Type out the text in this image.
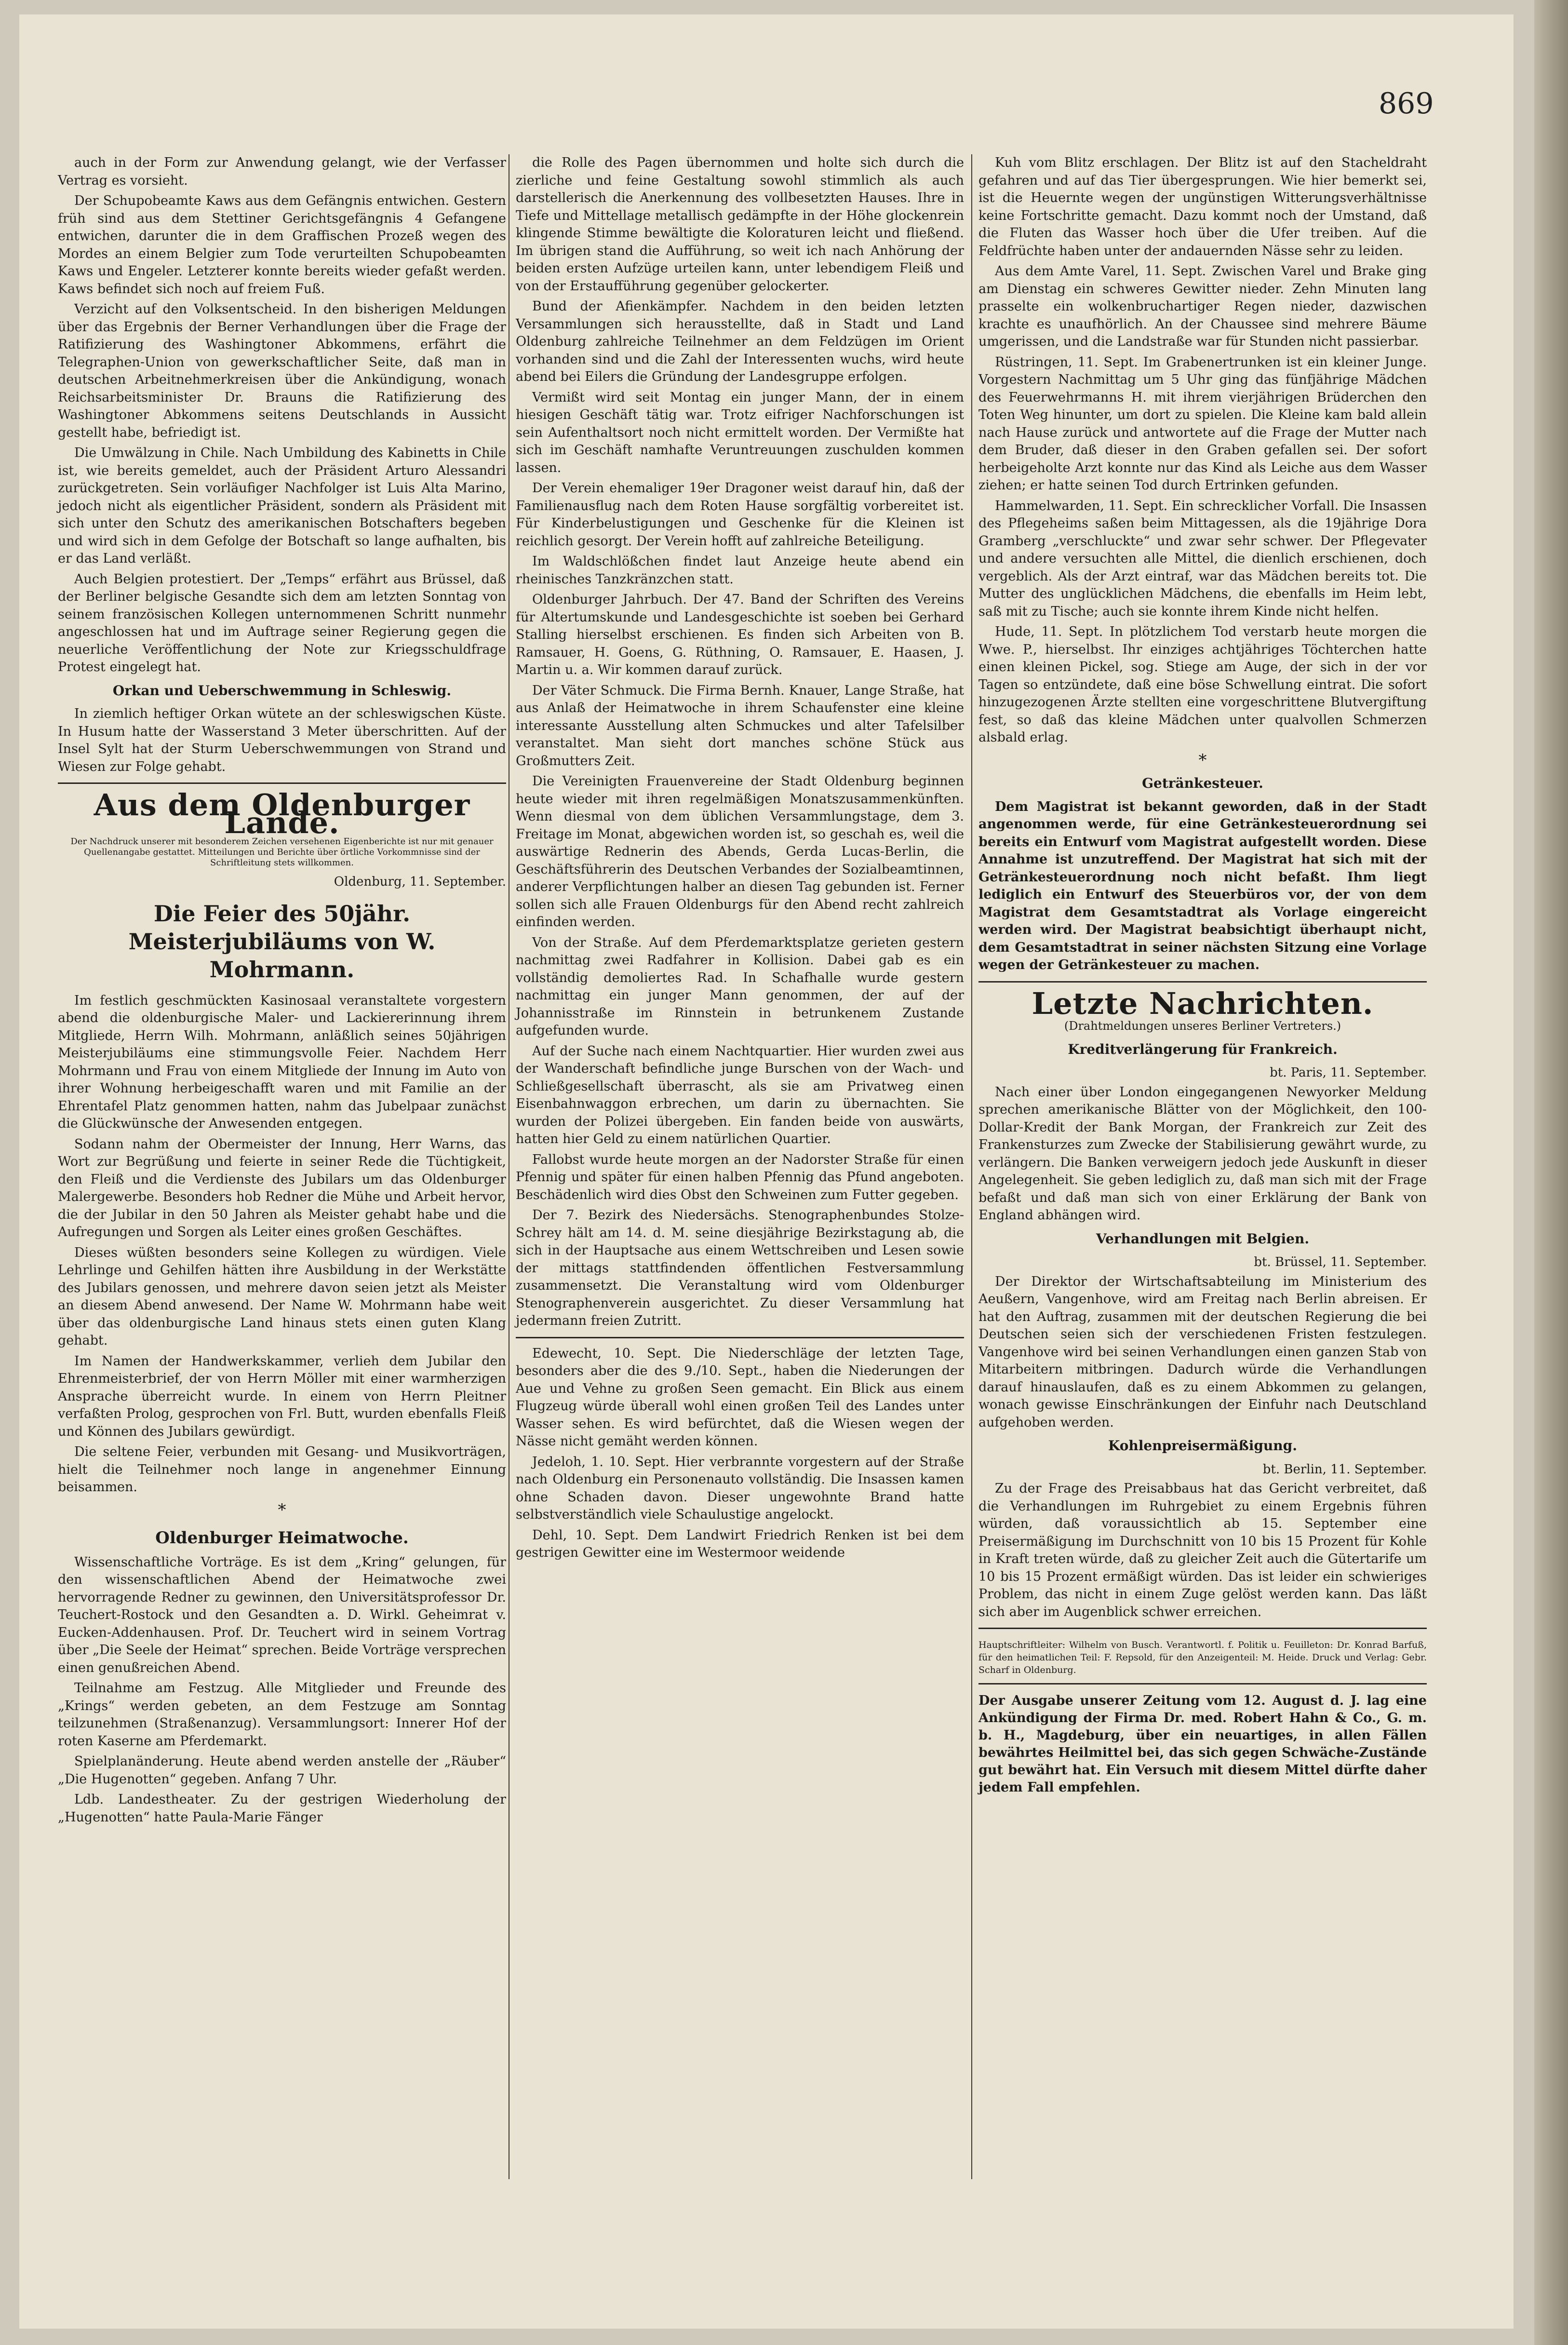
869

auch in der Form zur Anwendung gelangt, wie der Verfasser Vertrag es vorsieht.

Der Schupobeamte Kaws aus dem Gefängnis entwichen. Gestern früh sind aus dem Stettiner Gerichtsgefängnis 4 Gefangene entwichen, darunter die in dem Graffischen Prozeß wegen des Mordes an einem Belgier zum Tode verurteilten Schupobeamten Kaws und Engeler. Letzterer konnte bereits wieder gefaßt werden. Kaws befindet sich noch auf freiem Fuß.

Verzicht auf den Volksentscheid. In den bisherigen Meldungen über das Ergebnis der Berner Verhandlungen über die Frage der Ratifizierung des Washingtoner Abkommens, erfährt die Telegraphen-Union von gewerkschaftlicher Seite, daß man in deutschen Arbeitnehmerkreisen über die Ankündigung, wonach Reichsarbeitsminister Dr. Brauns die Ratifizierung des Washingtoner Abkommens seitens Deutschlands in Aussicht gestellt habe, befriedigt ist.

Die Umwälzung in Chile. Nach Umbildung des Kabinetts in Chile ist, wie bereits gemeldet, auch der Präsident Arturo Alessandri zurückgetreten. Sein vorläufiger Nachfolger ist Luis Alta Marino, jedoch nicht als eigentlicher Präsident, sondern als Präsident mit sich unter den Schutz des amerikanischen Botschafters begeben und wird sich in dem Gefolge der Botschaft so lange aufhalten, bis er das Land verläßt.

Auch Belgien protestiert. Der „Temps“ erfährt aus Brüssel, daß der Berliner belgische Gesandte sich dem am letzten Sonntag von seinem französischen Kollegen unternommenen Schritt nunmehr angeschlossen hat und im Auftrage seiner Regierung gegen die neuerliche Veröffentlichung der Note zur Kriegsschuldfrage Protest eingelegt hat.

Orkan und Ueberschwemmung in Schleswig.

In ziemlich heftiger Orkan wütete an der schleswigschen Küste. In Husum hatte der Wasserstand 3 Meter überschritten. Auf der Insel Sylt hat der Sturm Ueberschwemmungen von Strand und Wiesen zur Folge gehabt.

Aus dem Oldenburger Lande.
Der Nachdruck unserer mit besonderem Zeichen versehenen Eigenberichte ist nur mit genauer Quellenangabe gestattet. Mitteilungen und Berichte über örtliche Vorkommnisse sind der Schriftleitung stets willkommen.
Oldenburg, 11. September.
Die Feier des 50jähr. Meisterjubiläums von W. Mohrmann.

Im festlich geschmückten Kasinosaal veranstaltete vorgestern abend die oldenburgische Maler- und Lackiererinnung ihrem Mitgliede, Herrn Wilh. Mohrmann, anläßlich seines 50jährigen Meisterjubiläums eine stimmungsvolle Feier. Nachdem Herr Mohrmann und Frau von einem Mitgliede der Innung im Auto von ihrer Wohnung herbeigeschafft waren und mit Familie an der Ehrentafel Platz genommen hatten, nahm das Jubelpaar zunächst die Glückwünsche der Anwesenden entgegen.

Sodann nahm der Obermeister der Innung, Herr Warns, das Wort zur Begrüßung und feierte in seiner Rede die Tüchtigkeit, den Fleiß und die Verdienste des Jubilars um das Oldenburger Malergewerbe. Besonders hob Redner die Mühe und Arbeit hervor, die der Jubilar in den 50 Jahren als Meister gehabt habe und die Aufregungen und Sorgen als Leiter eines großen Geschäftes.

Dieses wüßten besonders seine Kollegen zu würdigen. Viele Lehrlinge und Gehilfen hätten ihre Ausbildung in der Werkstätte des Jubilars genossen, und mehrere davon seien jetzt als Meister an diesem Abend anwesend. Der Name W. Mohrmann habe weit über das oldenburgische Land hinaus stets einen guten Klang gehabt.

Im Namen der Handwerkskammer, verlieh dem Jubilar den Ehrenmeisterbrief, der von Herrn Möller mit einer warmherzigen Ansprache überreicht wurde. In einem von Herrn Pleitner verfaßten Prolog, gesprochen von Frl. Butt, wurden ebenfalls Fleiß und Können des Jubilars gewürdigt.

Die seltene Feier, verbunden mit Gesang- und Musikvorträgen, hielt die Teilnehmer noch lange in angenehmer Einnung beisammen.

*
Oldenburger Heimatwoche.

Wissenschaftliche Vorträge. Es ist dem „Kring“ gelungen, für den wissenschaftlichen Abend der Heimatwoche zwei hervorragende Redner zu gewinnen, den Universitätsprofessor Dr. Teuchert-Rostock und den Gesandten a. D. Wirkl. Geheimrat v. Eucken-Addenhausen. Prof. Dr. Teuchert wird in seinem Vortrag über „Die Seele der Heimat“ sprechen. Beide Vorträge versprechen einen genußreichen Abend.

Teilnahme am Festzug. Alle Mitglieder und Freunde des „Krings“ werden gebeten, an dem Festzuge am Sonntag teilzunehmen (Straßenanzug). Versammlungsort: Innerer Hof der roten Kaserne am Pferdemarkt.

Spielplanänderung. Heute abend werden anstelle der „Räuber“ „Die Hugenotten“ gegeben. Anfang 7 Uhr.

Ldb. Landestheater. Zu der gestrigen Wiederholung der „Hugenotten“ hatte Paula-Marie Fänger

die Rolle des Pagen übernommen und holte sich durch die zierliche und feine Gestaltung sowohl stimmlich als auch darstellerisch die Anerkennung des vollbesetzten Hauses. Ihre in Tiefe und Mittellage metallisch gedämpfte in der Höhe glockenrein klingende Stimme bewältigte die Koloraturen leicht und fließend. Im übrigen stand die Aufführung, so weit ich nach Anhörung der beiden ersten Aufzüge urteilen kann, unter lebendigem Fleiß und von der Erstaufführung gegenüber gelockerter.

Bund der Afienkämpfer. Nachdem in den beiden letzten Versammlungen sich herausstellte, daß in Stadt und Land Oldenburg zahlreiche Teilnehmer an dem Feldzügen im Orient vorhanden sind und die Zahl der Interessenten wuchs, wird heute abend bei Eilers die Gründung der Landesgruppe erfolgen.

Vermißt wird seit Montag ein junger Mann, der in einem hiesigen Geschäft tätig war. Trotz eifriger Nachforschungen ist sein Aufenthaltsort noch nicht ermittelt worden. Der Vermißte hat sich im Geschäft namhafte Veruntreuungen zuschulden kommen lassen.

Der Verein ehemaliger 19er Dragoner weist darauf hin, daß der Familienausflug nach dem Roten Hause sorgfältig vorbereitet ist. Für Kinderbelustigungen und Geschenke für die Kleinen ist reichlich gesorgt. Der Verein hofft auf zahlreiche Beteiligung.

Im Waldschlößchen findet laut Anzeige heute abend ein rheinisches Tanzkränzchen statt.

Oldenburger Jahrbuch. Der 47. Band der Schriften des Vereins für Altertumskunde und Landesgeschichte ist soeben bei Gerhard Stalling hierselbst erschienen. Es finden sich Arbeiten von B. Ramsauer, H. Goens, G. Rüthning, O. Ramsauer, E. Haasen, J. Martin u. a. Wir kommen darauf zurück.

Der Väter Schmuck. Die Firma Bernh. Knauer, Lange Straße, hat aus Anlaß der Heimatwoche in ihrem Schaufenster eine kleine interessante Ausstellung alten Schmuckes und alter Tafelsilber veranstaltet. Man sieht dort manches schöne Stück aus Großmutters Zeit.

Die Vereinigten Frauenvereine der Stadt Oldenburg beginnen heute wieder mit ihren regelmäßigen Monatszusammenkünften. Wenn diesmal von dem üblichen Versammlungstage, dem 3. Freitage im Monat, abgewichen worden ist, so geschah es, weil die auswärtige Rednerin des Abends, Gerda Lucas-Berlin, die Geschäftsführerin des Deutschen Verbandes der Sozialbeamtinnen, anderer Verpflichtungen halber an diesen Tag gebunden ist. Ferner sollen sich alle Frauen Oldenburgs für den Abend recht zahlreich einfinden werden.

Von der Straße. Auf dem Pferdemarktsplatze gerieten gestern nachmittag zwei Radfahrer in Kollision. Dabei gab es ein vollständig demoliertes Rad. In Schafhalle wurde gestern nachmittag ein junger Mann genommen, der auf der Johannisstraße im Rinnstein in betrunkenem Zustande aufgefunden wurde.

Auf der Suche nach einem Nachtquartier. Hier wurden zwei aus der Wanderschaft befindliche junge Burschen von der Wach- und Schließgesellschaft überrascht, als sie am Privatweg einen Eisenbahnwaggon erbrechen, um darin zu übernachten. Sie wurden der Polizei übergeben. Ein fanden beide von auswärts, hatten hier Geld zu einem natürlichen Quartier.

Fallobst wurde heute morgen an der Nadorster Straße für einen Pfennig und später für einen halben Pfennig das Pfund angeboten. Beschädenlich wird dies Obst den Schweinen zum Futter gegeben.

Der 7. Bezirk des Niedersächs. Stenographenbundes Stolze-Schrey hält am 14. d. M. seine diesjährige Bezirkstagung ab, die sich in der Hauptsache aus einem Wettschreiben und Lesen sowie der mittags stattfindenden öffentlichen Festversammlung zusammensetzt. Die Veranstaltung wird vom Oldenburger Stenographenverein ausgerichtet. Zu dieser Versammlung hat jedermann freien Zutritt.

Edewecht, 10. Sept. Die Niederschläge der letzten Tage, besonders aber die des 9./10. Sept., haben die Niederungen der Aue und Vehne zu großen Seen gemacht. Ein Blick aus einem Flugzeug würde überall wohl einen großen Teil des Landes unter Wasser sehen. Es wird befürchtet, daß die Wiesen wegen der Nässe nicht gemäht werden können.

Jedeloh, 1. 10. Sept. Hier verbrannte vorgestern auf der Straße nach Oldenburg ein Personenauto vollständig. Die Insassen kamen ohne Schaden davon. Dieser ungewohnte Brand hatte selbstverständlich viele Schaulustige angelockt.

Dehl, 10. Sept. Dem Landwirt Friedrich Renken ist bei dem gestrigen Gewitter eine im Westermoor weidende

Kuh vom Blitz erschlagen. Der Blitz ist auf den Stacheldraht gefahren und auf das Tier übergesprungen. Wie hier bemerkt sei, ist die Heuernte wegen der ungünstigen Witterungsverhältnisse keine Fortschritte gemacht. Dazu kommt noch der Umstand, daß die Fluten das Wasser hoch über die Ufer treiben. Auf die Feldfrüchte haben unter der andauernden Nässe sehr zu leiden.

Aus dem Amte Varel, 11. Sept. Zwischen Varel und Brake ging am Dienstag ein schweres Gewitter nieder. Zehn Minuten lang prasselte ein wolkenbruchartiger Regen nieder, dazwischen krachte es unaufhörlich. An der Chaussee sind mehrere Bäume umgerissen, und die Landstraße war für Stunden nicht passierbar.

Rüstringen, 11. Sept. Im Grabenertrunken ist ein kleiner Junge. Vorgestern Nachmittag um 5 Uhr ging das fünfjährige Mädchen des Feuerwehrmanns H. mit ihrem vierjährigen Brüderchen den Toten Weg hinunter, um dort zu spielen. Die Kleine kam bald allein nach Hause zurück und antwortete auf die Frage der Mutter nach dem Bruder, daß dieser in den Graben gefallen sei. Der sofort herbeigeholte Arzt konnte nur das Kind als Leiche aus dem Wasser ziehen; er hatte seinen Tod durch Ertrinken gefunden.

Hammelwarden, 11. Sept. Ein schrecklicher Vorfall. Die Insassen des Pflegeheims saßen beim Mittagessen, als die 19jährige Dora Gramberg „verschluckte“ und zwar sehr schwer. Der Pflegevater und andere versuchten alle Mittel, die dienlich erschienen, doch vergeblich. Als der Arzt eintraf, war das Mädchen bereits tot. Die Mutter des unglücklichen Mädchens, die ebenfalls im Heim lebt, saß mit zu Tische; auch sie konnte ihrem Kinde nicht helfen.

Hude, 11. Sept. In plötzlichem Tod verstarb heute morgen die Wwe. P., hierselbst. Ihr einziges achtjähriges Töchterchen hatte einen kleinen Pickel, sog. Stiege am Auge, der sich in der vor Tagen so entzündete, daß eine böse Schwellung eintrat. Die sofort hinzugezogenen Ärzte stellten eine vorgeschrittene Blutvergiftung fest, so daß das kleine Mädchen unter qualvollen Schmerzen alsbald erlag.

*
Getränkesteuer.

Dem Magistrat ist bekannt geworden, daß in der Stadt angenommen werde, für eine Getränkesteuerordnung sei bereits ein Entwurf vom Magistrat aufgestellt worden. Diese Annahme ist unzutreffend. Der Magistrat hat sich mit der Getränkesteuerordnung noch nicht befaßt. Ihm liegt lediglich ein Entwurf des Steuerbüros vor, der von dem Magistrat dem Gesamtstadtrat als Vorlage eingereicht werden wird. Der Magistrat beabsichtigt überhaupt nicht, dem Gesamtstadtrat in seiner nächsten Sitzung eine Vorlage wegen der Getränkesteuer zu machen.

Letzte Nachrichten.
(Drahtmeldungen unseres Berliner Vertreters.)
Kreditverlängerung für Frankreich.
bt. Paris, 11. September.

Nach einer über London eingegangenen Newyorker Meldung sprechen amerikanische Blätter von der Möglichkeit, den 100-Dollar-Kredit der Bank Morgan, der Frankreich zur Zeit des Frankensturzes zum Zwecke der Stabilisierung gewährt wurde, zu verlängern. Die Banken verweigern jedoch jede Auskunft in dieser Angelegenheit. Sie geben lediglich zu, daß man sich mit der Frage befaßt und daß man sich von einer Erklärung der Bank von England abhängen wird.

Verhandlungen mit Belgien.
bt. Brüssel, 11. September.

Der Direktor der Wirtschaftsabteilung im Ministerium des Aeußern, Vangenhove, wird am Freitag nach Berlin abreisen. Er hat den Auftrag, zusammen mit der deutschen Regierung die bei Deutschen seien sich der verschiedenen Fristen festzulegen. Vangenhove wird bei seinen Verhandlungen einen ganzen Stab von Mitarbeitern mitbringen. Dadurch würde die Verhandlungen darauf hinauslaufen, daß es zu einem Abkommen zu gelangen, wonach gewisse Einschränkungen der Einfuhr nach Deutschland aufgehoben werden.

Kohlenpreisermäßigung.
bt. Berlin, 11. September.

Zu der Frage des Preisabbaus hat das Gericht verbreitet, daß die Verhandlungen im Ruhrgebiet zu einem Ergebnis führen würden, daß voraussichtlich ab 15. September eine Preisermäßigung im Durchschnitt von 10 bis 15 Prozent für Kohle in Kraft treten würde, daß zu gleicher Zeit auch die Gütertarife um 10 bis 15 Prozent ermäßigt würden. Das ist leider ein schwieriges Problem, das nicht in einem Zuge gelöst werden kann. Das läßt sich aber im Augenblick schwer erreichen.

Hauptschriftleiter: Wilhelm von Busch. Verantwortl. f. Politik u. Feuilleton: Dr. Konrad Barfuß, für den heimatlichen Teil: F. Repsold, für den Anzeigenteil: M. Heide. Druck und Verlag: Gebr. Scharf in Oldenburg.
Der Ausgabe unserer Zeitung vom 12. August d. J. lag eine Ankündigung der Firma Dr. med. Robert Hahn & Co., G. m. b. H., Magdeburg, über ein neuartiges, in allen Fällen bewährtes Heilmittel bei, das sich gegen Schwäche-Zustände gut bewährt hat. Ein Versuch mit diesem Mittel dürfte daher jedem Fall empfehlen.
